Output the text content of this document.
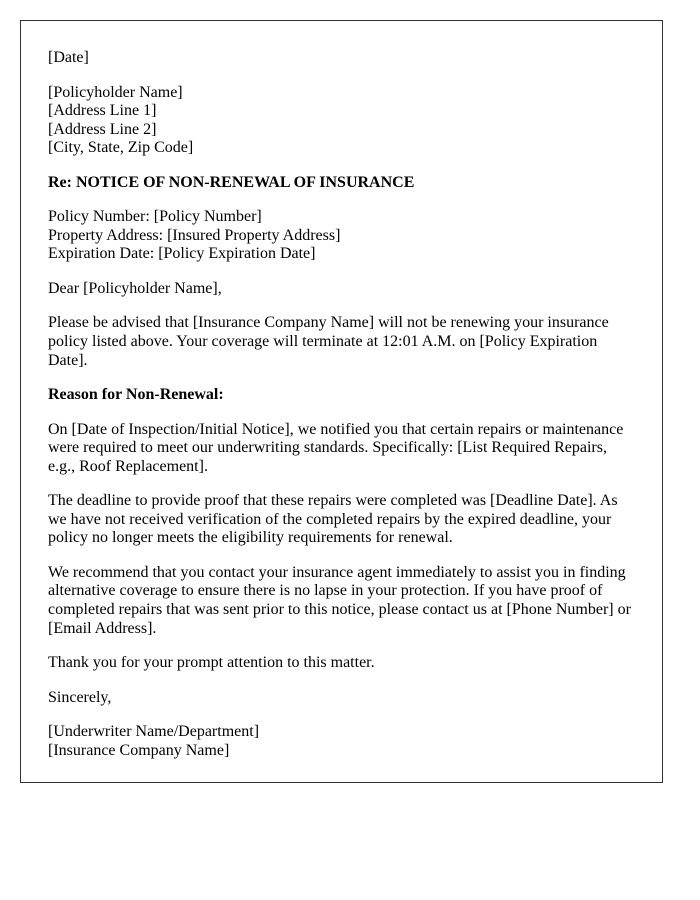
[Date]

[Policyholder Name]
[Address Line 1]
[Address Line 2]
[City, State, Zip Code]

Re: NOTICE OF NON-RENEWAL OF INSURANCE

Policy Number: [Policy Number]
Property Address: [Insured Property Address]
Expiration Date: [Policy Expiration Date]

Dear [Policyholder Name],

Please be advised that [Insurance Company Name] will not be renewing your insurance policy listed above. Your coverage will terminate at 12:01 A.M. on [Policy Expiration Date].

Reason for Non-Renewal:

On [Date of Inspection/Initial Notice], we notified you that certain repairs or maintenance were required to meet our underwriting standards. Specifically: [List Required Repairs, e.g., Roof Replacement].

The deadline to provide proof that these repairs were completed was [Deadline Date]. As we have not received verification of the completed repairs by the expired deadline, your policy no longer meets the eligibility requirements for renewal.

We recommend that you contact your insurance agent immediately to assist you in finding alternative coverage to ensure there is no lapse in your protection. If you have proof of completed repairs that was sent prior to this notice, please contact us at [Phone Number] or [Email Address].

Thank you for your prompt attention to this matter.

Sincerely,

[Underwriter Name/Department]
[Insurance Company Name]
